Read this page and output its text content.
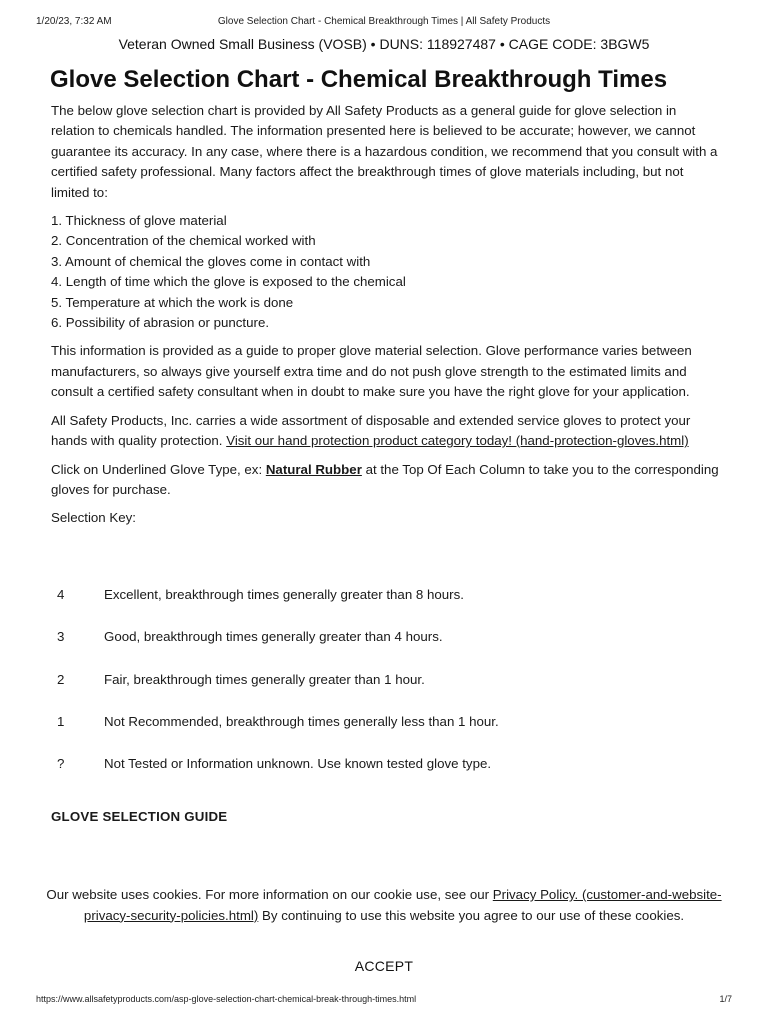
1/20/23, 7:32 AM	Glove Selection Chart - Chemical Breakthrough Times | All Safety Products
Veteran Owned Small Business (VOSB) • DUNS: 118927487 • CAGE CODE: 3BGW5
Glove Selection Chart - Chemical Breakthrough Times

The below glove selection chart is provided by All Safety Products as a general guide for glove selection in relation to chemicals handled. The information presented here is believed to be accurate; however, we cannot guarantee its accuracy. In any case, where there is a hazardous condition, we recommend that you consult with a certified safety professional. Many factors affect the breakthrough times of glove materials including, but not limited to:

1. Thickness of glove material
2. Concentration of the chemical worked with
3. Amount of chemical the gloves come in contact with
4. Length of time which the glove is exposed to the chemical
5. Temperature at which the work is done
6. Possibility of abrasion or puncture.

This information is provided as a guide to proper glove material selection. Glove performance varies between manufacturers, so always give yourself extra time and do not push glove strength to the estimated limits and consult a certified safety consultant when in doubt to make sure you have the right glove for your application.

All Safety Products, Inc. carries a wide assortment of disposable and extended service gloves to protect your hands with quality protection. Visit our hand protection product category today! (hand-protection-gloves.html)

Click on Underlined Glove Type, ex: Natural Rubber at the Top Of Each Column to take you to the corresponding gloves for purchase.

Selection Key:

4	Excellent, breakthrough times generally greater than 8 hours.
3	Good, breakthrough times generally greater than 4 hours.
2	Fair, breakthrough times generally greater than 1 hour.
1	Not Recommended, breakthrough times generally less than 1 hour.
?	Not Tested or Information unknown. Use known tested glove type.
GLOVE SELECTION GUIDE
Our website uses cookies. For more information on our cookie use, see our Privacy Policy. (customer-and-website-privacy-security-policies.html) By continuing to use this website you agree to our use of these cookies.
ACCEPT
https://www.allsafetyproducts.com/asp-glove-selection-chart-chemical-break-through-times.html	1/7
